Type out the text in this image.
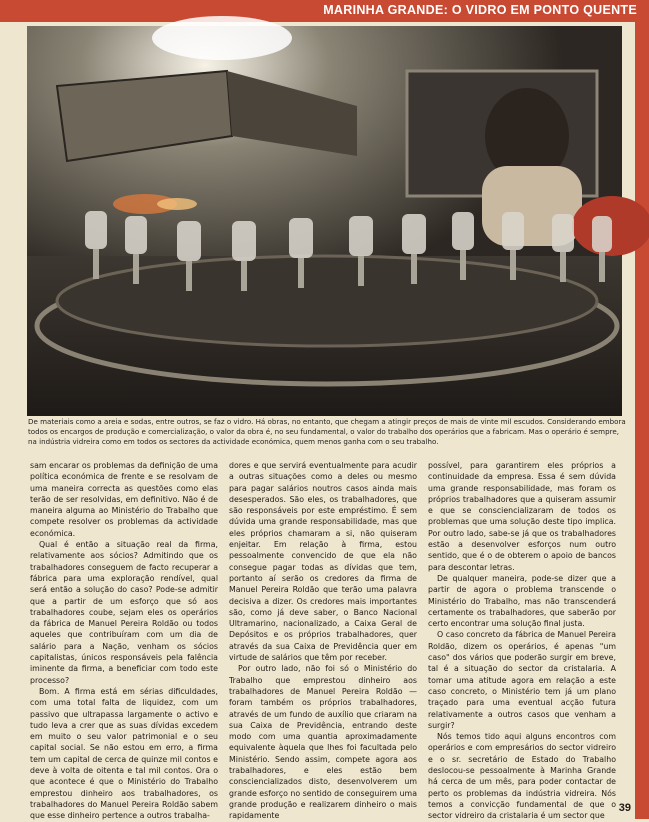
MARINHA GRANDE: O VIDRO EM PONTO QUENTE
De materiais como a areia e sodas, entre outros, se faz o vidro. Há obras, no entanto, que chegam a atingir preços de mais de vinte mil escudos. Considerando embora todos os encargos de produção e comercialização, o valor da obra é, no seu fundamental, o valor do trabalho dos operários que a fabricam. Mas o operário é sempre, na indústria vidreira como em todos os sectores da actividade económica, quem menos ganha com o seu trabalho.

sam encarar os problemas da definição de uma política económica de frente e se resolvam de uma maneira correcta as questões como elas terão de ser resolvidas, em definitivo. Não é de maneira alguma ao Ministério do Trabalho que compete resolver os problemas da actividade económica.

Qual é então a situação real da firma, relativamente aos sócios? Admitindo que os trabalhadores conseguem de facto recuperar a fábrica para uma exploração rendível, qual será então a solução do caso? Pode-se admitir que a partir de um esforço que só aos trabalhadores coube, sejam eles os operários da fábrica de Manuel Pereira Roldão ou todos aqueles que contribuíram com um dia de salário para a Nação, venham os sócios capitalistas, únicos responsáveis pela falência iminente da firma, a beneficiar com todo este processo?

Bom. A firma está em sérias dificuldades, com uma total falta de liquidez, com um passivo que ultrapassa largamente o activo e tudo leva a crer que as suas dívidas excedem em muito o seu valor patrimonial e o seu capital social. Se não estou em erro, a firma tem um capital de cerca de quinze mil contos e deve à volta de oitenta e tal mil contos. Ora o que acontece é que o Ministério do Trabalho emprestou dinheiro aos trabalhadores, os trabalhadores do Manuel Pereira Roldão sabem que esse dinheiro pertence a outros trabalha-

dores e que servirá eventualmente para acudir a outras situações como a deles ou mesmo para pagar salários noutros casos ainda mais desesperados. São eles, os trabalhadores, que são responsáveis por este empréstimo. É sem dúvida uma grande responsabilidade, mas que eles próprios chamaram a si, não quiseram enjeitar. Em relação à firma, estou pessoalmente convencido de que ela não consegue pagar todas as dívidas que tem, portanto aí serão os credores da firma de Manuel Pereira Roldão que terão uma palavra decisiva a dizer. Os credores mais importantes são, como já deve saber, o Banco Nacional Ultramarino, nacionalizado, a Caixa Geral de Depósitos e os próprios trabalhadores, quer através da sua Caixa de Previdência quer em virtude de salários que têm por receber.

Por outro lado, não foi só o Ministério do Trabalho que emprestou dinheiro aos trabalhadores de Manuel Pereira Roldão — foram também os próprios trabalhadores, através de um fundo de auxílio que criaram na sua Caixa de Previdência, entrando deste modo com uma quantia aproximadamente equivalente àquela que lhes foi facultada pelo Ministério. Sendo assim, compete agora aos trabalhadores, e eles estão bem consciencializados disto, desenvolverem um grande esforço no sentido de conseguirem uma grande produção e realizarem dinheiro o mais rapidamente

possível, para garantirem eles próprios a continuidade da empresa. Essa é sem dúvida uma grande responsabilidade, mas foram os próprios trabalhadores que a quiseram assumir e que se consciencializaram de todos os problemas que uma solução deste tipo implica. Por outro lado, sabe-se já que os trabalhadores estão a desenvolver esforços num outro sentido, que é o de obterem o apoio de bancos para descontar letras.

De qualquer maneira, pode-se dizer que a partir de agora o problema transcende o Ministério do Trabalho, mas não transcenderá certamente os trabalhadores, que saberão por certo encontrar uma solução final justa.

O caso concreto da fábrica de Manuel Pereira Roldão, dizem os operários, é apenas "um caso" dos vários que poderão surgir em breve, tal é a situação do sector da cristalaria. A tomar uma atitude agora em relação a este caso concreto, o Ministério tem já um plano traçado para uma eventual acção futura relativamente a outros casos que venham a surgir?

Nós temos tido aqui alguns encontros com operários e com empresários do sector vidreiro e o sr. secretário de Estado do Trabalho deslocou-se pessoalmente à Marinha Grande há cerca de um mês, para poder contactar de perto os problemas da indústria vidreira. Nós temos a convicção fundamental de que o sector vidreiro da cristalaria é um sector que

39
